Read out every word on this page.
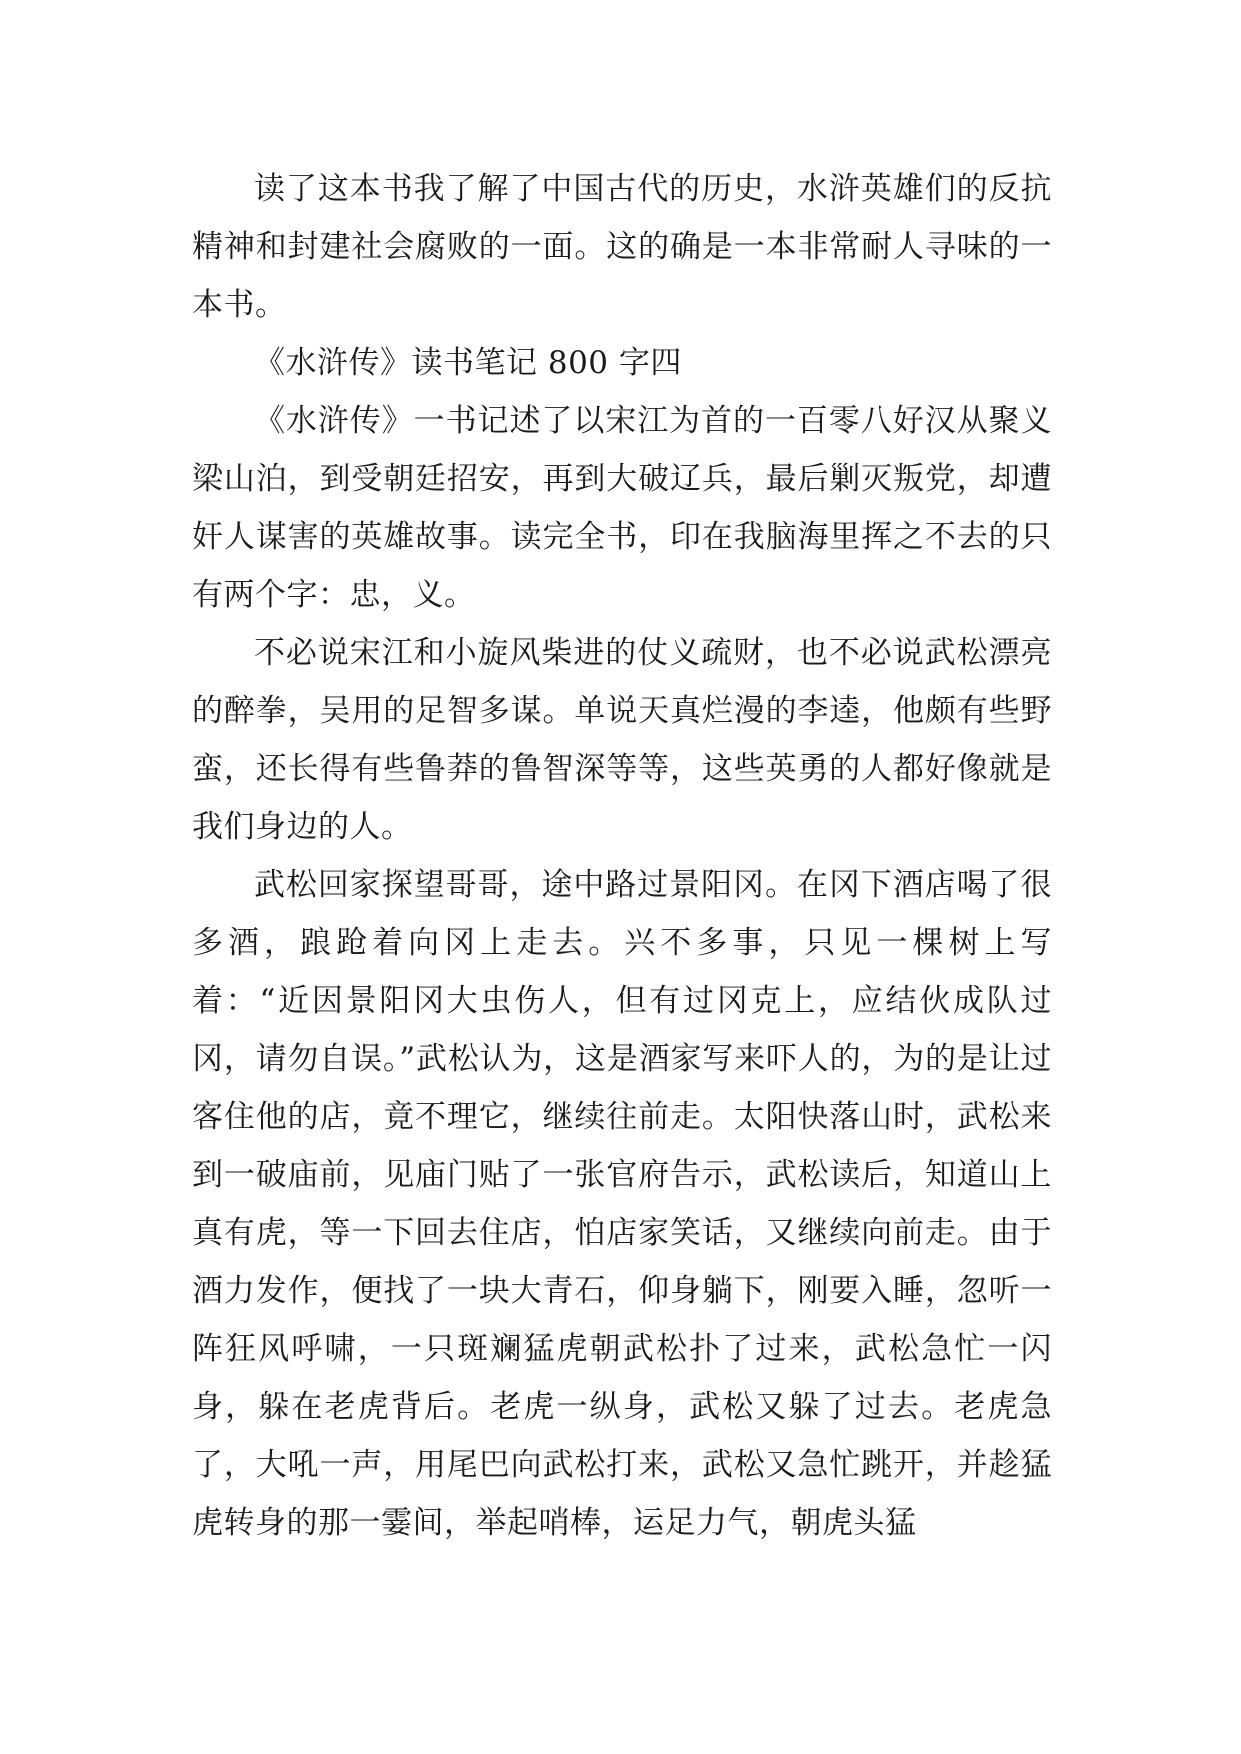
读了这本书我了解了中国古代的历史，水浒英雄们的反抗精神和封建社会腐败的一面。这的确是一本非常耐人寻味的一本书。

《水浒传》读书笔记 800 字四

《水浒传》一书记述了以宋江为首的一百零八好汉从聚义梁山泊，到受朝廷招安，再到大破辽兵，最后剿灭叛党，却遭奸人谋害的英雄故事。读完全书，印在我脑海里挥之不去的只有两个字：忠，义。

不必说宋江和小旋风柴进的仗义疏财，也不必说武松漂亮的醉拳，吴用的足智多谋。单说天真烂漫的李逵，他颇有些野蛮，还长得有些鲁莽的鲁智深等等，这些英勇的人都好像就是我们身边的人。

武松回家探望哥哥，途中路过景阳冈。在冈下酒店喝了很多酒，踉跄着向冈上走去。兴不多事，只见一棵树上写着：“近因景阳冈大虫伤人，但有过冈克上，应结伙成队过冈，请勿自误。”武松认为，这是酒家写来吓人的，为的是让过客住他的店，竟不理它，继续往前走。太阳快落山时，武松来到一破庙前，见庙门贴了一张官府告示，武松读后，知道山上真有虎，等一下回去住店，怕店家笑话，又继续向前走。由于酒力发作，便找了一块大青石，仰身躺下，刚要入睡，忽听一阵狂风呼啸，一只斑斓猛虎朝武松扑了过来，武松急忙一闪身，躲在老虎背后。老虎一纵身，武松又躲了过去。老虎急了，大吼一声，用尾巴向武松打来，武松又急忙跳开，并趁猛虎转身的那一霎间，举起哨棒，运足力气，朝虎头猛
